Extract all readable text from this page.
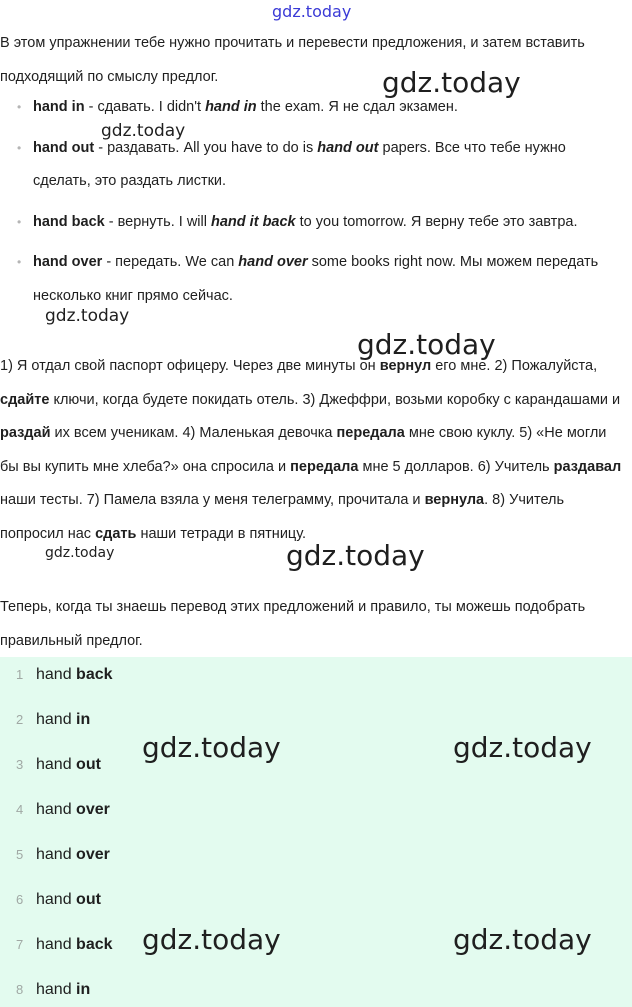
gdz.today
В этом упражнении тебе нужно прочитать и перевести предложения, и затем вставить подходящий по смыслу предлог.
• hand in - сдавать. I didn't hand in the exam. Я не сдал экзамен.
• hand out - раздавать. All you have to do is hand out papers. Все что тебе нужно сделать, это раздать листки.
• hand back - вернуть. I will hand it back to you tomorrow. Я верну тебе это завтра.
• hand over - передать. We can hand over some books right now. Мы можем передать несколько книг прямо сейчас.
1) Я отдал свой паспорт офицеру. Через две минуты он вернул его мне. 2) Пожалуйста, сдайте ключи, когда будете покидать отель. 3) Джеффри, возьми коробку с карандашами и раздай их всем ученикам. 4) Маленькая девочка передала мне свою куклу. 5) «Не могли бы вы купить мне хлеба?» она спросила и передала мне 5 долларов. 6) Учитель раздавал наши тесты. 7) Памела взяла у меня телеграмму, прочитала и вернула. 8) Учитель попросил нас сдать наши тетради в пятницу.
Теперь, когда ты знаешь перевод этих предложений и правило, ты можешь подобрать правильный предлог.
1 hand back
2 hand in
3 hand out
4 hand over
5 hand over
6 hand out
7 hand back
8 hand in
gdz.today
gdz.today
gdz.today
gdz.today
gdz.today	gdz.today
gdz.today	gdz.today
gdz.today	gdz.today
